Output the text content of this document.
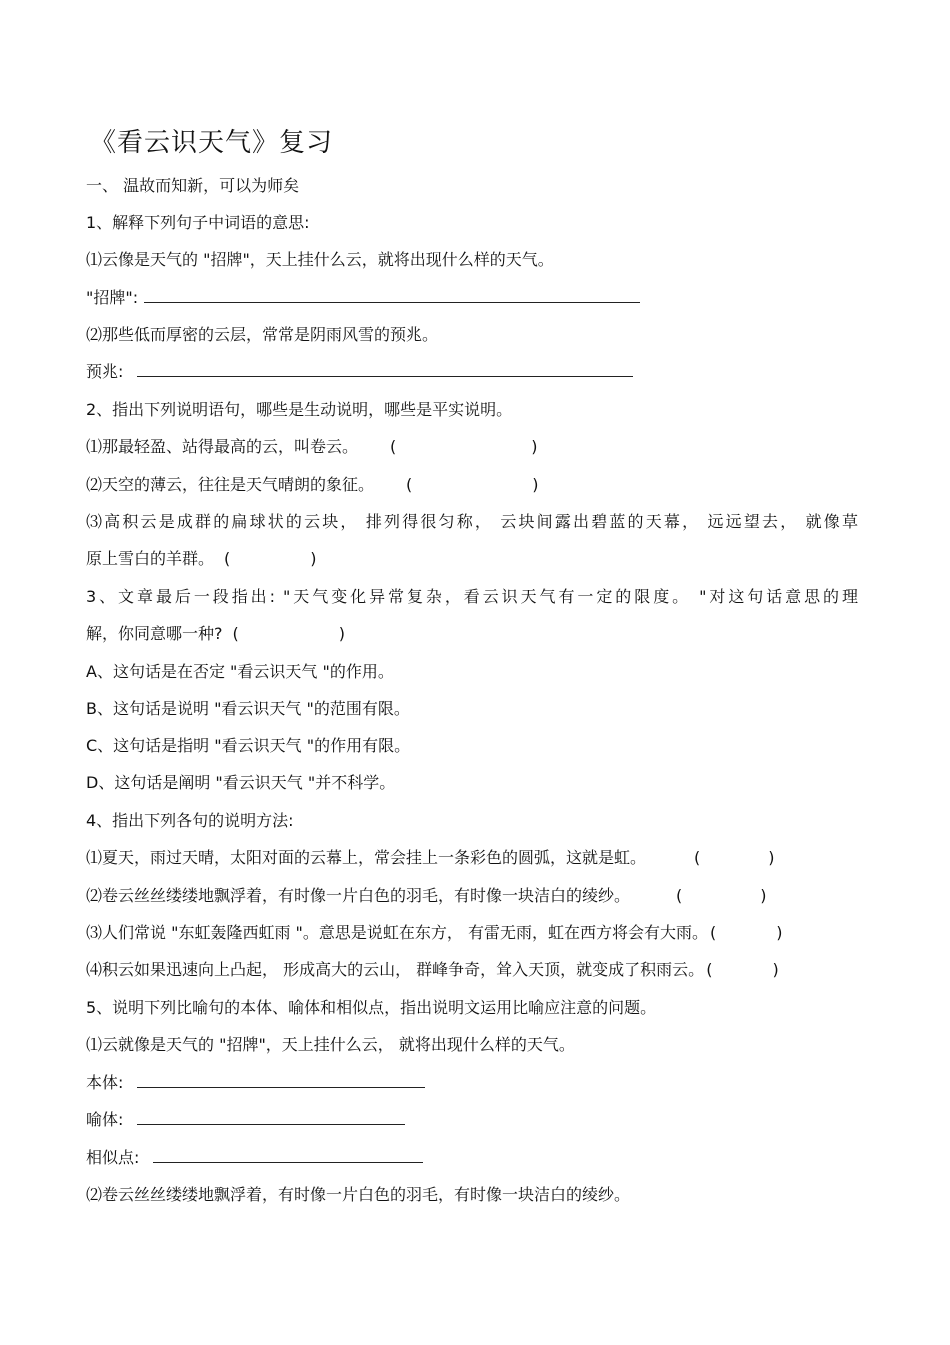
《看云识天气》复习
一、 温故而知新，可以为师矣
1、解释下列句子中词语的意思:
⑴云像是天气的 "招牌"，天上挂什么云，就将出现什么样的天气。
"招牌":
⑵那些低而厚密的云层，常常是阴雨风雪的预兆。
预兆:
2、指出下列说明语句，哪些是生动说明，哪些是平实说明。
⑴那最轻盈、站得最高的云，叫卷云。 (	)
⑵天空的薄云，往往是天气晴朗的象征。 (	)
⑶高积云是成群的扁球状的云块， 排列得很匀称， 云块间露出碧蓝的天幕， 远远望去， 就像草
原上雪白的羊群。 (	)
3、文章最后一段指出: "天气变化异常复杂，看云识天气有一定的限度。 "对这句话意思的理
解，你同意哪一种? (	)
A、这句话是在否定 "看云识天气 "的作用。
B、这句话是说明 "看云识天气 "的范围有限。
C、这句话是指明 "看云识天气 "的作用有限。
D、这句话是阐明 "看云识天气 "并不科学。
4、指出下列各句的说明方法:
⑴夏天，雨过天晴，太阳对面的云幕上，常会挂上一条彩色的圆弧，这就是虹。	(	)
⑵卷云丝丝缕缕地飘浮着，有时像一片白色的羽毛，有时像一块洁白的绫纱。	(	)
⑶人们常说 "东虹轰隆西虹雨 "。意思是说虹在东方， 有雷无雨，虹在西方将会有大雨。 (	)
⑷积云如果迅速向上凸起， 形成高大的云山， 群峰争奇，耸入天顶，就变成了积雨云。 (	)
5、说明下列比喻句的本体、喻体和相似点，指出说明文运用比喻应注意的问题。
⑴云就像是天气的 "招牌"，天上挂什么云， 就将出现什么样的天气。
本体:
喻体:
相似点:
⑵卷云丝丝缕缕地飘浮着，有时像一片白色的羽毛，有时像一块洁白的绫纱。
